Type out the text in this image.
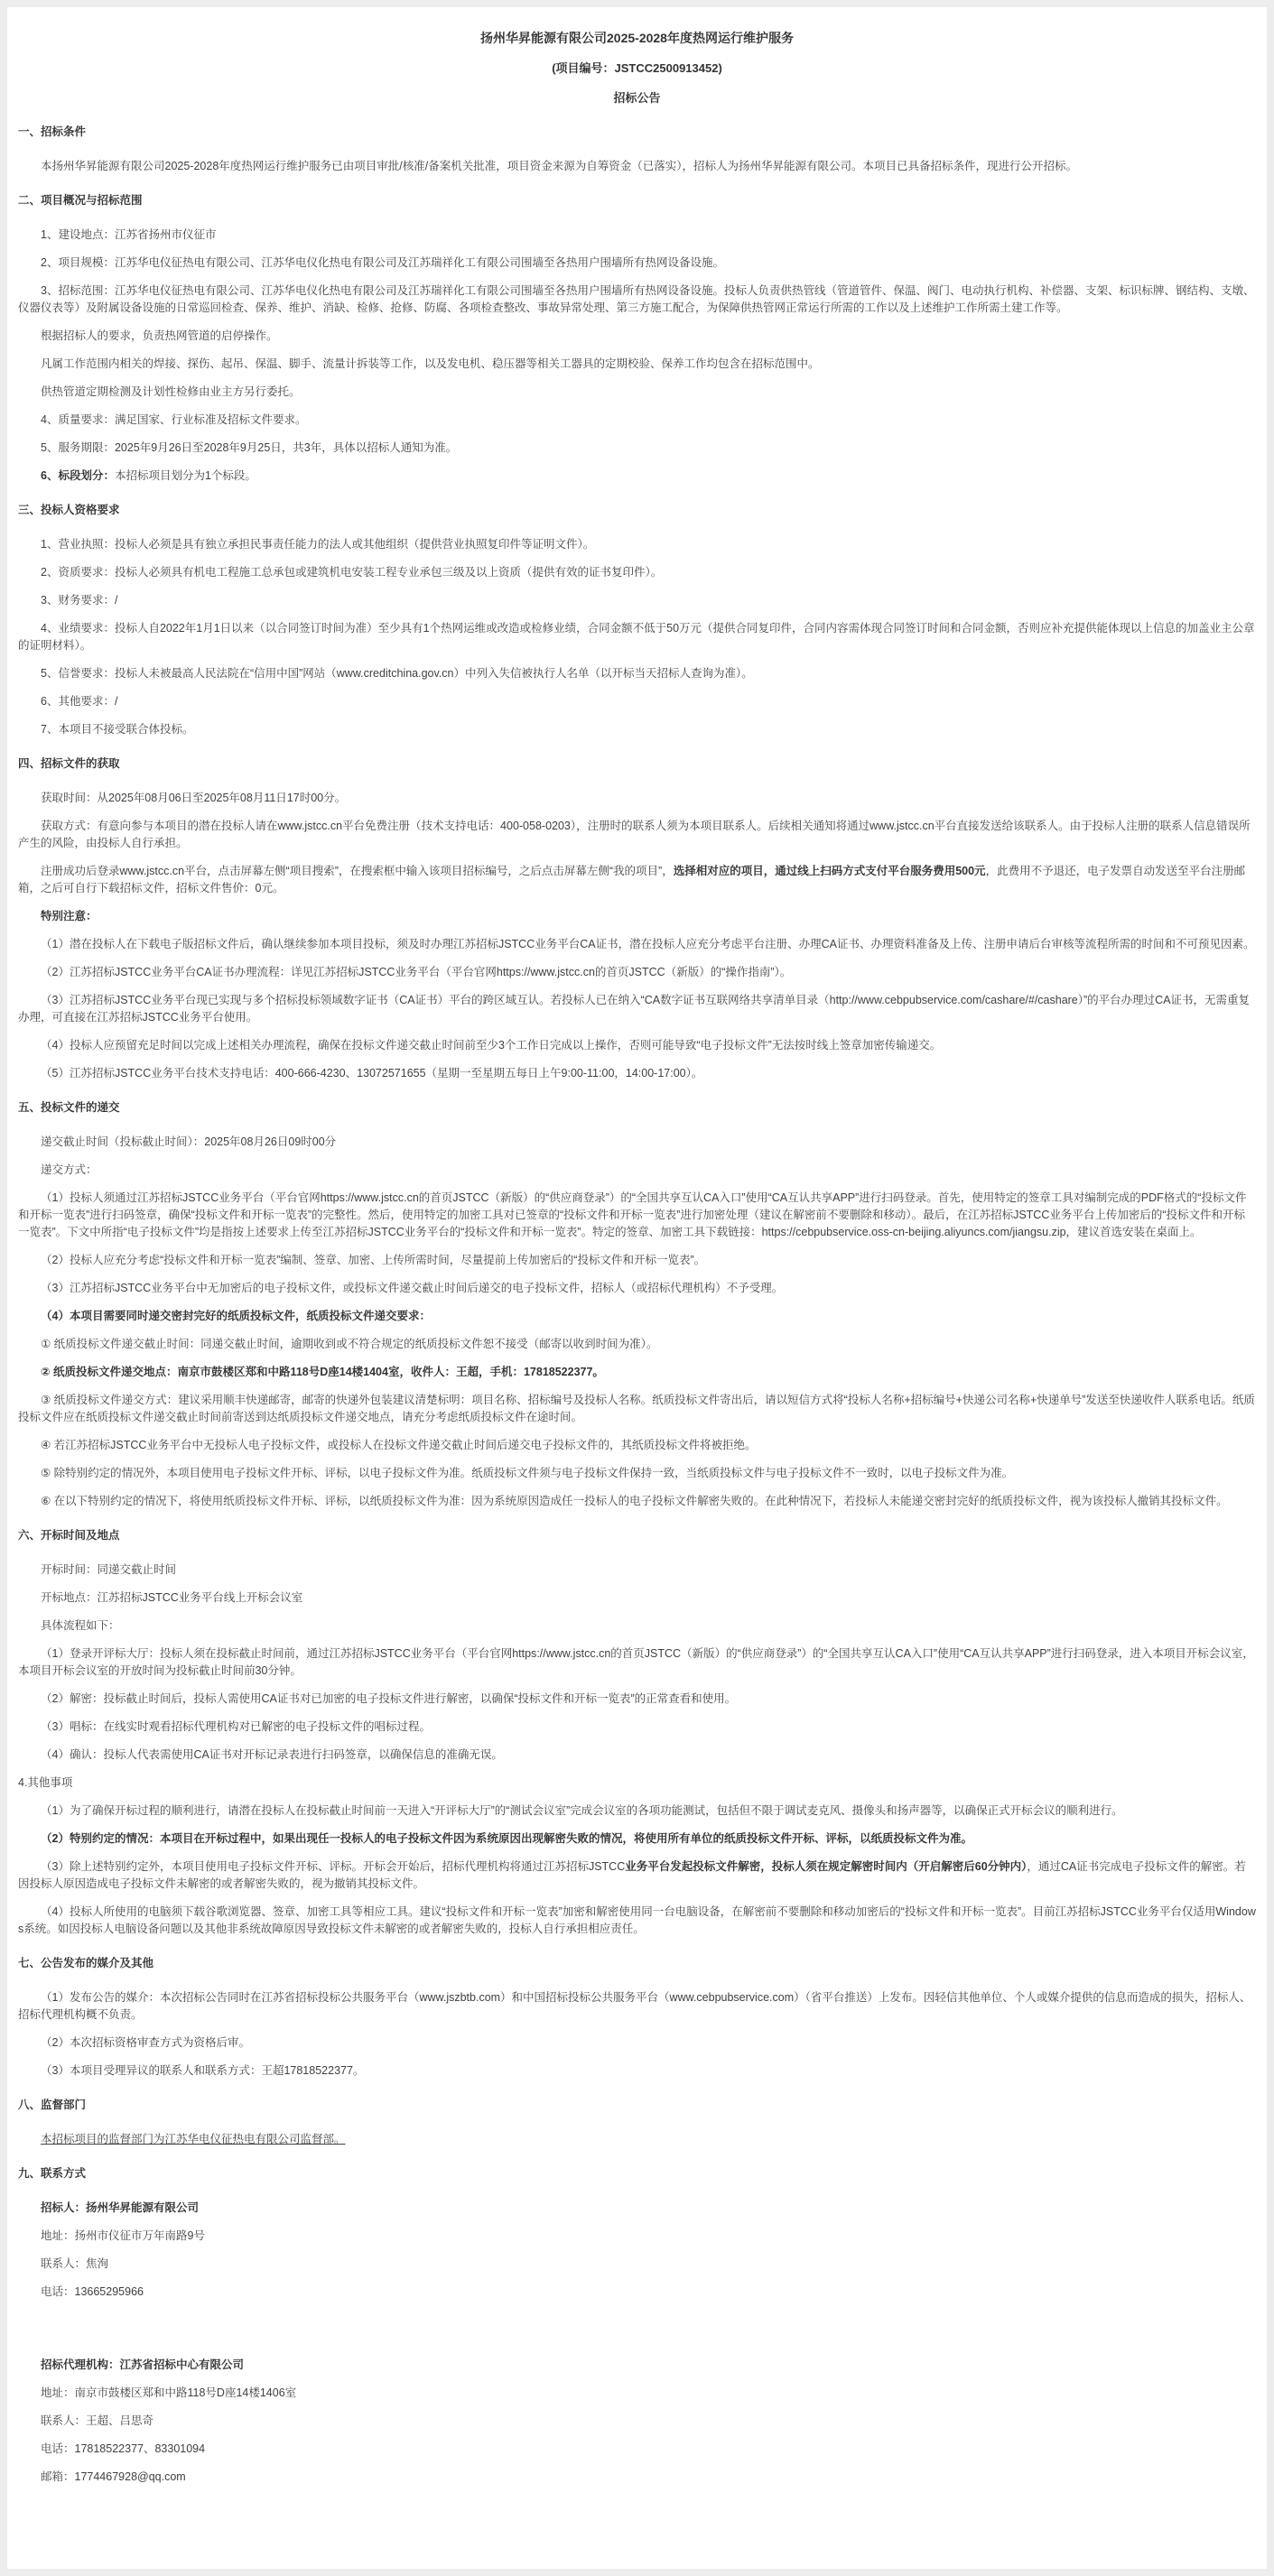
扬州华昇能源有限公司2025-2028年度热网运行维护服务
(项目编号：JSTCC2500913452)
招标公告
一、招标条件

本扬州华昇能源有限公司2025-2028年度热网运行维护服务已由项目审批/核准/备案机关批准，项目资金来源为自筹资金（已落实），招标人为扬州华昇能源有限公司。本项目已具备招标条件，现进行公开招标。

二、项目概况与招标范围

1、建设地点：江苏省扬州市仪征市

2、项目规模：江苏华电仪征热电有限公司、江苏华电仪化热电有限公司及江苏瑞祥化工有限公司围墙至各热用户围墙所有热网设备设施。

3、招标范围：江苏华电仪征热电有限公司、江苏华电仪化热电有限公司及江苏瑞祥化工有限公司围墙至各热用户围墙所有热网设备设施。投标人负责供热管线（管道管件、保温、阀门、电动执行机构、补偿器、支架、标识标牌、钢结构、支墩、仪器仪表等）及附属设备设施的日常巡回检查、保养、维护、消缺、检修、抢修、防腐、各项检查整改、事故异常处理、第三方施工配合，为保障供热管网正常运行所需的工作以及上述维护工作所需土建工作等。

根据招标人的要求，负责热网管道的启停操作。

凡属工作范围内相关的焊接、探伤、起吊、保温、脚手、流量计拆装等工作，以及发电机、稳压器等相关工器具的定期校验、保养工作均包含在招标范围中。

供热管道定期检测及计划性检修由业主方另行委托。

4、质量要求：满足国家、行业标准及招标文件要求。

5、服务期限：2025年9月26日至2028年9月25日，共3年，具体以招标人通知为准。

6、标段划分：本招标项目划分为1个标段。

三、投标人资格要求

1、营业执照：投标人必须是具有独立承担民事责任能力的法人或其他组织（提供营业执照复印件等证明文件）。

2、资质要求：投标人必须具有机电工程施工总承包或建筑机电安装工程专业承包三级及以上资质（提供有效的证书复印件）。

3、财务要求：/

4、业绩要求：投标人自2022年1月1日以来（以合同签订时间为准）至少具有1个热网运维或改造或检修业绩，合同金额不低于50万元（提供合同复印件，合同内容需体现合同签订时间和合同金额，否则应补充提供能体现以上信息的加盖业主公章的证明材料）。

5、信誉要求：投标人未被最高人民法院在“信用中国”网站（www.creditchina.gov.cn）中列入失信被执行人名单（以开标当天招标人查询为准）。

6、其他要求：/

7、本项目不接受联合体投标。

四、招标文件的获取

获取时间：从2025年08月06日至2025年08月11日17时00分。

获取方式：有意向参与本项目的潜在投标人请在www.jstcc.cn平台免费注册（技术支持电话：400-058-0203），注册时的联系人须为本项目联系人。后续相关通知将通过www.jstcc.cn平台直接发送给该联系人。由于投标人注册的联系人信息错误所产生的风险，由投标人自行承担。

注册成功后登录www.jstcc.cn平台，点击屏幕左侧“项目搜索”，在搜索框中输入该项目招标编号，之后点击屏幕左侧“我的项目”，选择相对应的项目，通过线上扫码方式支付平台服务费用500元，此费用不予退还，电子发票自动发送至平台注册邮箱，之后可自行下载招标文件，招标文件售价：0元。

特别注意：

（1）潜在投标人在下载电子版招标文件后，确认继续参加本项目投标，须及时办理江苏招标JSTCC业务平台CA证书，潜在投标人应充分考虑平台注册、办理CA证书、办理资料准备及上传、注册申请后台审核等流程所需的时间和不可预见因素。

（2）江苏招标JSTCC业务平台CA证书办理流程：详见江苏招标JSTCC业务平台（平台官网https://www.jstcc.cn的首页JSTCC（新版）的“操作指南”）。

（3）江苏招标JSTCC业务平台现已实现与多个招标投标领域数字证书（CA证书）平台的跨区域互认。若投标人已在纳入“CA数字证书互联网络共享清单目录（http://www.cebpubservice.com/cashare/#/cashare）”的平台办理过CA证书，无需重复办理，可直接在江苏招标JSTCC业务平台使用。

（4）投标人应预留充足时间以完成上述相关办理流程，确保在投标文件递交截止时间前至少3个工作日完成以上操作，否则可能导致“电子投标文件”无法按时线上签章加密传输递交。

（5）江苏招标JSTCC业务平台技术支持电话：400-666-4230、13072571655（星期一至星期五每日上午9:00-11:00，14:00-17:00）。

五、投标文件的递交

递交截止时间（投标截止时间）：2025年08月26日09时00分

递交方式：

（1）投标人须通过江苏招标JSTCC业务平台（平台官网https://www.jstcc.cn的首页JSTCC（新版）的“供应商登录”）的“全国共享互认CA入口”使用“CA互认共享APP”进行扫码登录。首先，使用特定的签章工具对编制完成的PDF格式的“投标文件和开标一览表”进行扫码签章，确保“投标文件和开标一览表”的完整性。然后，使用特定的加密工具对已签章的“投标文件和开标一览表”进行加密处理（建议在解密前不要删除和移动）。最后，在江苏招标JSTCC业务平台上传加密后的“投标文件和开标一览表”。下文中所指“电子投标文件”均是指按上述要求上传至江苏招标JSTCC业务平台的“投标文件和开标一览表”。特定的签章、加密工具下载链接：https://cebpubservice.oss-cn-beijing.aliyuncs.com/jiangsu.zip，建议首选安装在桌面上。

（2）投标人应充分考虑“投标文件和开标一览表”编制、签章、加密、上传所需时间，尽量提前上传加密后的“投标文件和开标一览表”。

（3）江苏招标JSTCC业务平台中无加密后的电子投标文件，或投标文件递交截止时间后递交的电子投标文件，招标人（或招标代理机构）不予受理。

（4）本项目需要同时递交密封完好的纸质投标文件，纸质投标文件递交要求：

① 纸质投标文件递交截止时间：同递交截止时间，逾期收到或不符合规定的纸质投标文件恕不接受（邮寄以收到时间为准）。

② 纸质投标文件递交地点：南京市鼓楼区郑和中路118号D座14楼1404室，收件人：王超，手机：17818522377。

③ 纸质投标文件递交方式：建议采用顺丰快递邮寄，邮寄的快递外包装建议清楚标明：项目名称、招标编号及投标人名称。纸质投标文件寄出后，请以短信方式将“投标人名称+招标编号+快递公司名称+快递单号”发送至快递收件人联系电话。纸质投标文件应在纸质投标文件递交截止时间前寄送到达纸质投标文件递交地点，请充分考虑纸质投标文件在途时间。

④ 若江苏招标JSTCC业务平台中无投标人电子投标文件，或投标人在投标文件递交截止时间后递交电子投标文件的，其纸质投标文件将被拒绝。

⑤ 除特别约定的情况外，本项目使用电子投标文件开标、评标，以电子投标文件为准。纸质投标文件须与电子投标文件保持一致，当纸质投标文件与电子投标文件不一致时，以电子投标文件为准。

⑥ 在以下特别约定的情况下，将使用纸质投标文件开标、评标，以纸质投标文件为准：因为系统原因造成任一投标人的电子投标文件解密失败的。在此种情况下，若投标人未能递交密封完好的纸质投标文件，视为该投标人撤销其投标文件。

六、开标时间及地点

开标时间：同递交截止时间

开标地点：江苏招标JSTCC业务平台线上开标会议室

具体流程如下：

（1）登录开评标大厅：投标人须在投标截止时间前，通过江苏招标JSTCC业务平台（平台官网https://www.jstcc.cn的首页JSTCC（新版）的“供应商登录”）的“全国共享互认CA入口”使用“CA互认共享APP”进行扫码登录，进入本项目开标会议室，本项目开标会议室的开放时间为投标截止时间前30分钟。

（2）解密：投标截止时间后，投标人需使用CA证书对已加密的电子投标文件进行解密，以确保“投标文件和开标一览表”的正常查看和使用。

（3）唱标：在线实时观看招标代理机构对已解密的电子投标文件的唱标过程。

（4）确认：投标人代表需使用CA证书对开标记录表进行扫码签章，以确保信息的准确无误。

4.其他事项

（1）为了确保开标过程的顺利进行，请潜在投标人在投标截止时间前一天进入“开评标大厅”的“测试会议室”完成会议室的各项功能测试，包括但不限于调试麦克风、摄像头和扬声器等，以确保正式开标会议的顺利进行。

（2）特别约定的情况：本项目在开标过程中，如果出现任一投标人的电子投标文件因为系统原因出现解密失败的情况，将使用所有单位的纸质投标文件开标、评标，以纸质投标文件为准。

（3）除上述特别约定外，本项目使用电子投标文件开标、评标。开标会开始后，招标代理机构将通过江苏招标JSTCC业务平台发起投标文件解密，投标人须在规定解密时间内（开启解密后60分钟内），通过CA证书完成电子投标文件的解密。若因投标人原因造成电子投标文件未解密的或者解密失败的，视为撤销其投标文件。

（4）投标人所使用的电脑须下载谷歌浏览器、签章、加密工具等相应工具。建议“投标文件和开标一览表”加密和解密使用同一台电脑设备，在解密前不要删除和移动加密后的“投标文件和开标一览表”。目前江苏招标JSTCC业务平台仅适用Windows系统。如因投标人电脑设备问题以及其他非系统故障原因导致投标文件未解密的或者解密失败的，投标人自行承担相应责任。

七、公告发布的媒介及其他

（1）发布公告的媒介：本次招标公告同时在江苏省招标投标公共服务平台（www.jszbtb.com）和中国招标投标公共服务平台（www.cebpubservice.com）（省平台推送）上发布。因轻信其他单位、个人或媒介提供的信息而造成的损失，招标人、招标代理机构概不负责。

（2）本次招标资格审查方式为资格后审。

（3）本项目受理异议的联系人和联系方式：王超17818522377。

八、监督部门

本招标项目的监督部门为江苏华电仪征热电有限公司监督部。

九、联系方式

招标人：扬州华昇能源有限公司

地址：扬州市仪征市万年南路9号

联系人：焦洵

电话：13665295966

招标代理机构：江苏省招标中心有限公司

地址：南京市鼓楼区郑和中路118号D座14楼1406室

联系人：王超、吕思奇

电话：17818522377、83301094

邮箱：1774467928@qq.com
